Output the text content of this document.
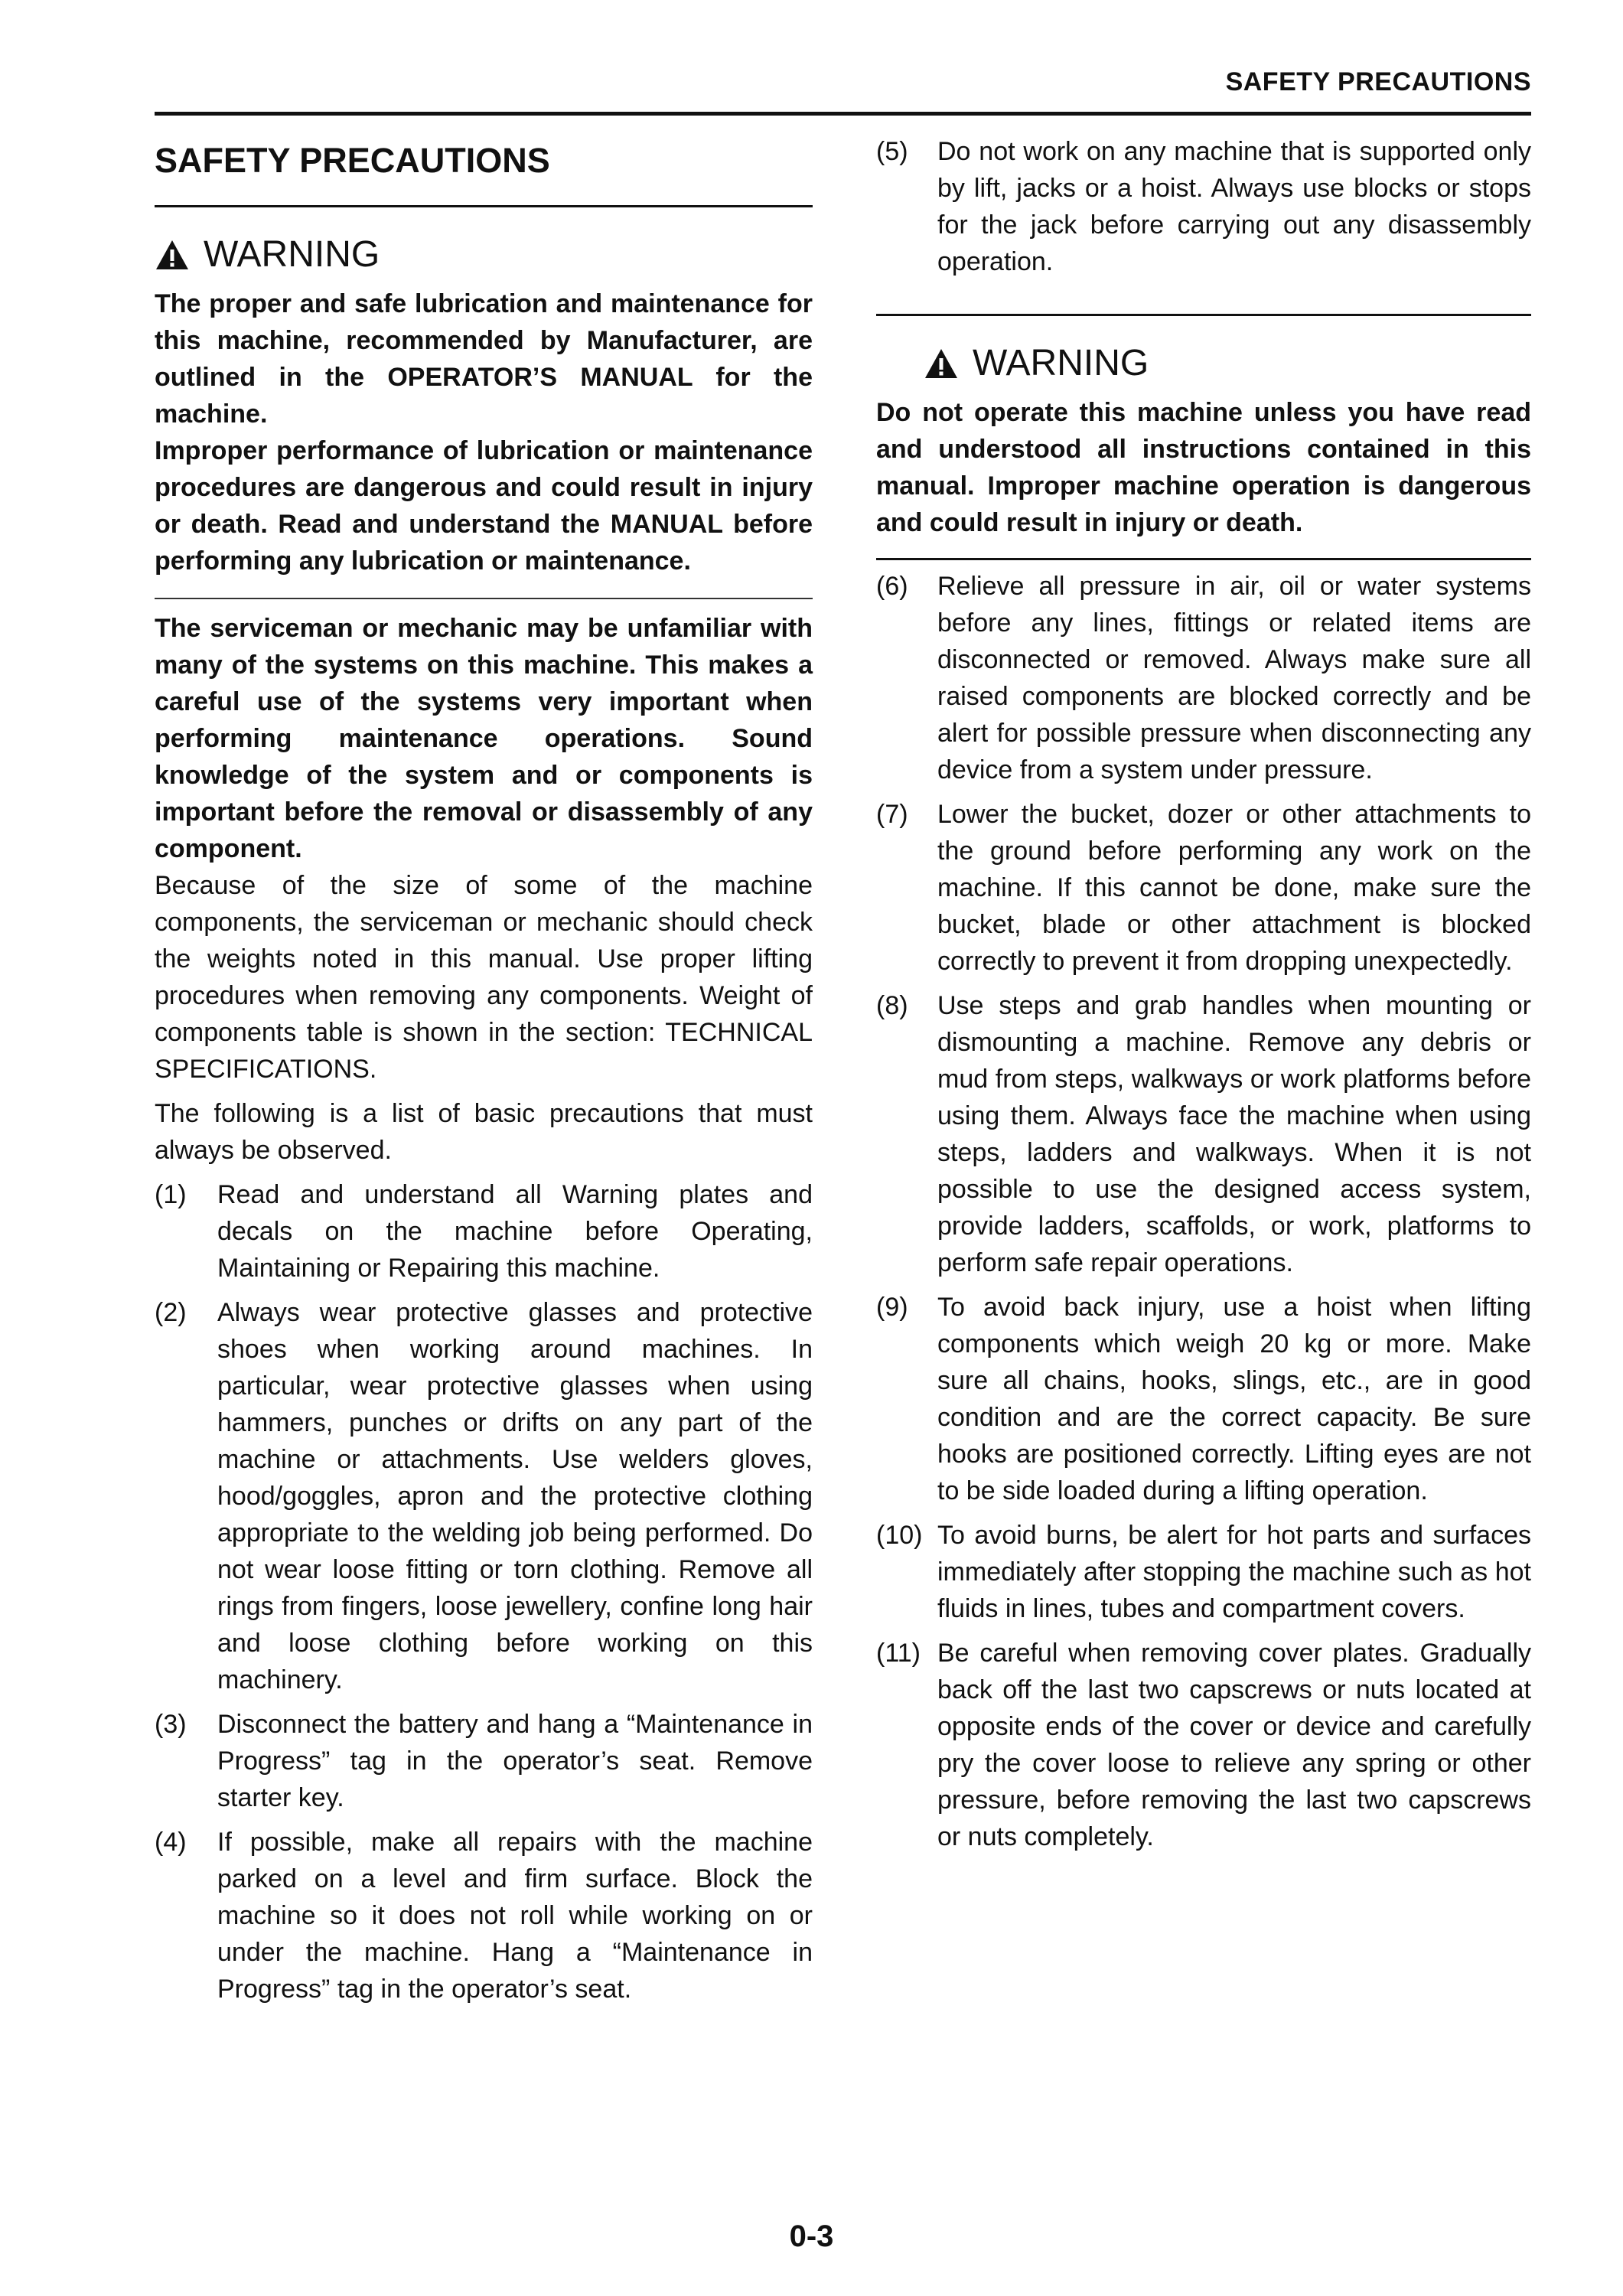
SAFETY PRECAUTIONS
SAFETY PRECAUTIONS
WARNING

The proper and safe lubrication and maintenance for this machine, recommended by Manufacturer, are outlined in the OPERATOR’S MANUAL for the machine.

Improper performance of lubrication or maintenance procedures are dangerous and could result in injury or death. Read and understand the MANUAL before performing any lubrication or maintenance.

The serviceman or mechanic may be unfamiliar with many of the systems on this machine. This makes a careful use of the systems very important when performing maintenance operations. Sound knowledge of the system and or components is important before the removal or disassembly of any component.

Because of the size of some of the machine components, the serviceman or mechanic should check the weights noted in this manual. Use proper lifting procedures when removing any components. Weight of components table is shown in the section: TECHNICAL SPECIFICATIONS.

The following is a list of basic precautions that must always be observed.

(1)	Read and understand all Warning plates and decals on the machine before Operating, Maintaining or Repairing this machine.
(2)	Always wear protective glasses and protective shoes when working around machines. In particular, wear protective glasses when using hammers, punches or drifts on any part of the machine or attachments. Use welders gloves, hood/goggles, apron and the protective clothing appropriate to the welding job being performed. Do not wear loose fitting or torn clothing. Remove all rings from fingers, loose jewellery, confine long hair and loose clothing before working on this machinery.
(3)	Disconnect the battery and hang a “Maintenance in Progress” tag in the operator’s seat. Remove starter key.
(4)	If possible, make all repairs with the machine parked on a level and firm surface. Block the machine so it does not roll while working on or under the machine. Hang a “Maintenance in Progress” tag in the operator’s seat.
(5)	Do not work on any machine that is supported only by lift, jacks or a hoist. Always use blocks or stops for the jack before carrying out any disassembly operation.
WARNING

Do not operate this machine unless you have read and understood all instructions contained in this manual. Improper machine operation is dangerous and could result in injury or death.

(6)	Relieve all pressure in air, oil or water systems before any lines, fittings or related items are disconnected or removed. Always make sure all raised components are blocked correctly and be alert for possible pressure when disconnecting any device from a system under pressure.
(7)	Lower the bucket, dozer or other attachments to the ground before performing any work on the machine. If this cannot be done, make sure the bucket, blade or other attachment is blocked correctly to prevent it from dropping unexpectedly.
(8)	Use steps and grab handles when mounting or dismounting a machine. Remove any debris or mud from steps, walkways or work platforms before using them. Always face the machine when using steps, ladders and walkways. When it is not possible to use the designed access system, provide ladders, scaffolds, or work, platforms to perform safe repair operations.
(9)	To avoid back injury, use a hoist when lifting components which weigh 20 kg or more. Make sure all chains, hooks, slings, etc., are in good condition and are the correct capacity. Be sure hooks are positioned correctly. Lifting eyes are not to be side loaded during a lifting operation.
(10) To avoid burns, be alert for hot parts and surfaces immediately after stopping the machine such as hot fluids in lines, tubes and compartment covers.
(11) Be careful when removing cover plates. Gradually back off the last two capscrews or nuts located at opposite ends of the cover or device and carefully pry the cover loose to relieve any spring or other pressure, before removing the last two capscrews or nuts completely.
0-3
